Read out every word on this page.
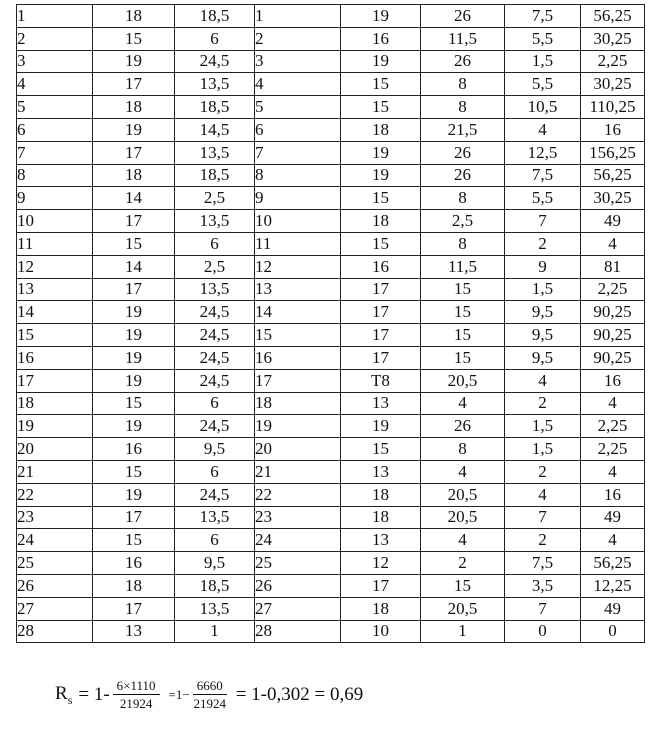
1	18	18,5	1	19	26	7,5	56,25
2	15	6	2	16	11,5	5,5	30,25
3	19	24,5	3	19	26	1,5	2,25
4	17	13,5	4	15	8	5,5	30,25
5	18	18,5	5	15	8	10,5	110,25
6	19	14,5	6	18	21,5	4	16
7	17	13,5	7	19	26	12,5	156,25
8	18	18,5	8	19	26	7,5	56,25
9	14	2,5	9	15	8	5,5	30,25
10	17	13,5	10	18	2,5	7	49
11	15	6	11	15	8	2	4
12	14	2,5	12	16	11,5	9	81
13	17	13,5	13	17	15	1,5	2,25
14	19	24,5	14	17	15	9,5	90,25
15	19	24,5	15	17	15	9,5	90,25
16	19	24,5	16	17	15	9,5	90,25
17	19	24,5	17	T8	20,5	4	16
18	15	6	18	13	4	2	4
19	19	24,5	19	19	26	1,5	2,25
20	16	9,5	20	15	8	1,5	2,25
21	15	6	21	13	4	2	4
22	19	24,5	22	18	20,5	4	16
23	17	13,5	23	18	20,5	7	49
24	15	6	24	13	4	2	4
25	16	9,5	25	12	2	7,5	56,25
26	18	18,5	26	17	15	3,5	12,25
27	17	13,5	27	18	20,5	7	49
28	13	1	28	10	1	0	0
$R_s = 1- \frac{6\times 1110}{21924} =1- \frac{6660}{21924} = 1-0,302 = 0,69$
